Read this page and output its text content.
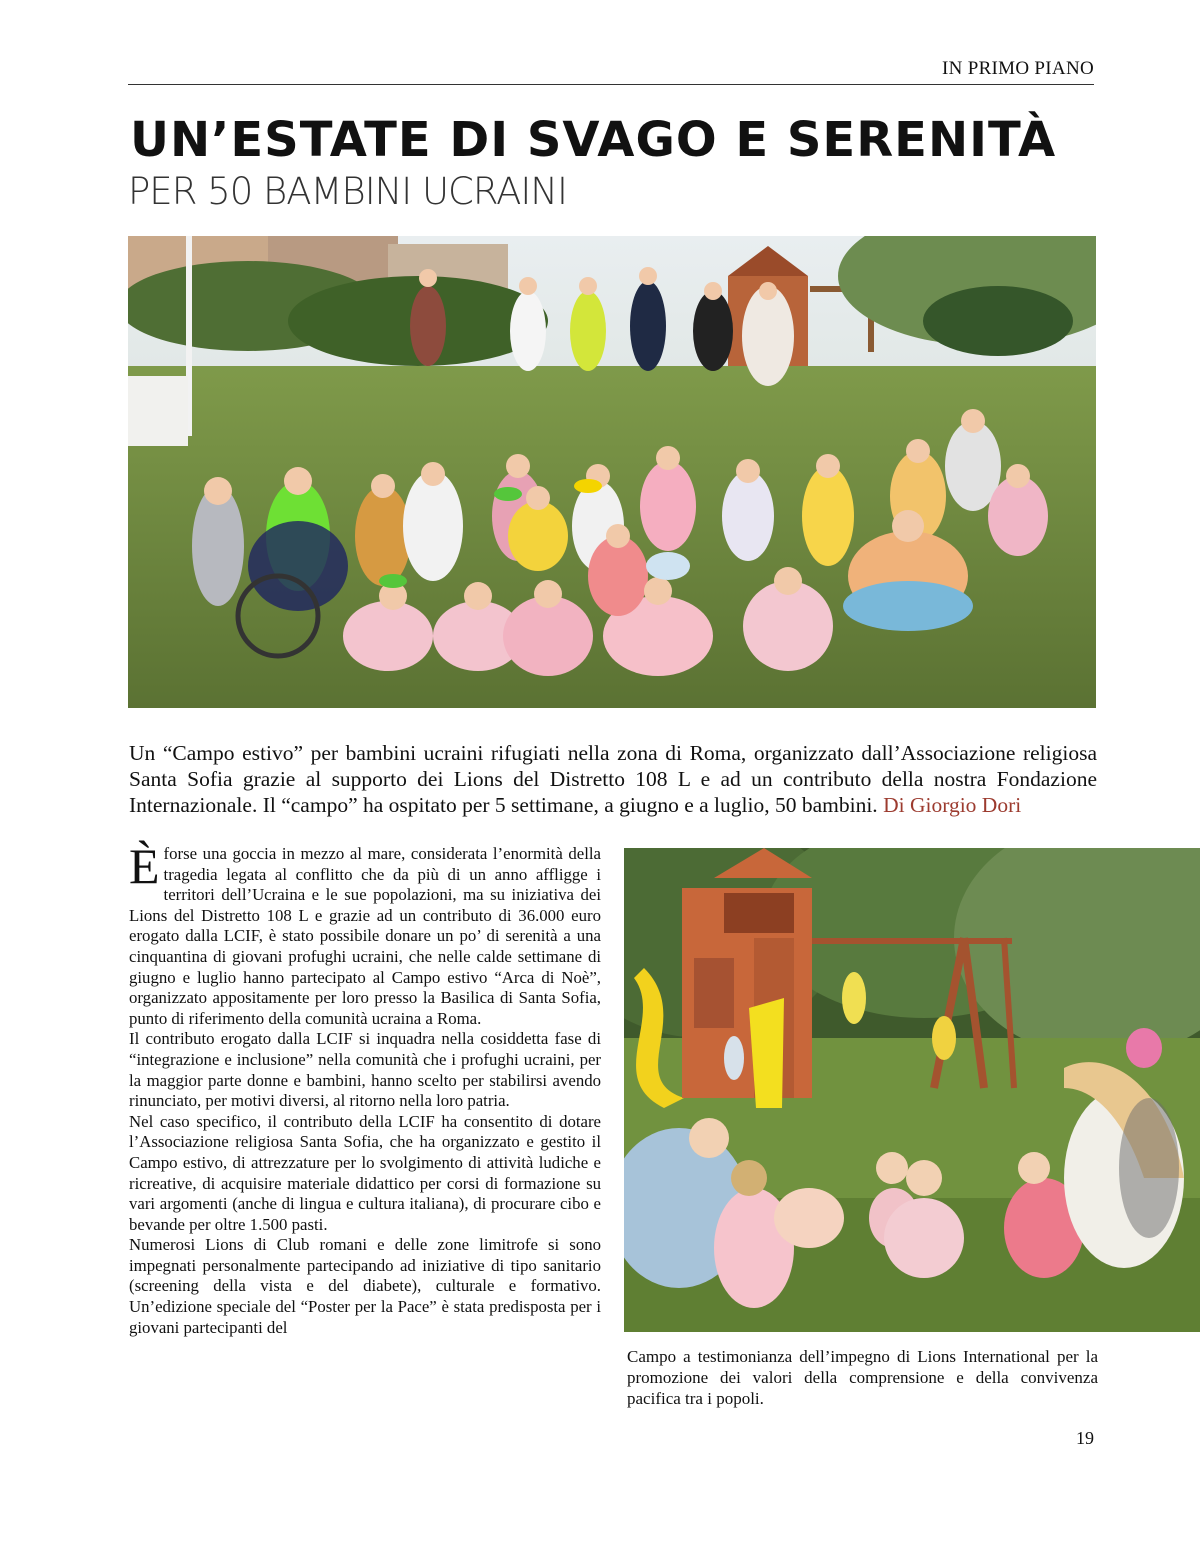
IN PRIMO PIANO
UN’ESTATE DI SVAGO E SERENITÀ
PER 50 BAMBINI UCRAINI

Un “Campo estivo” per bambini ucraini rifugiati nella zona di Roma, organizzato dall’Associazione religiosa Santa Sofia grazie al supporto dei Lions del Distretto 108 L e ad un contributo della nostra Fondazione Internazionale. Il “campo” ha ospitato per 5 settimane, a giugno e a luglio, 50 bambini. Di Giorgio Dori

Èforse una goccia in mezzo al mare, considerata l’enormità della tragedia legata al conflitto che da più di un anno affligge i territori dell’Ucraina e le sue popolazioni, ma su iniziativa dei Lions del Distretto 108 L e grazie ad un contributo di 36.000 euro erogato dalla LCIF, è stato possibile donare un po’ di serenità a una cinquantina di giovani profughi ucraini, che nelle calde settimane di giugno e luglio hanno partecipato al Campo estivo “Arca di Noè”, organizzato appositamente per loro presso la Basilica di Santa Sofia, punto di riferimento della comunità ucraina a Roma.

Il contributo erogato dalla LCIF si inquadra nella cosiddetta fase di “integrazione e inclusione” nella comunità che i profughi ucraini, per la maggior parte donne e bambini, hanno scelto per stabilirsi avendo rinunciato, per motivi diversi, al ritorno nella loro patria.

Nel caso specifico, il contributo della LCIF ha consentito di dotare l’Associazione religiosa Santa Sofia, che ha organizzato e gestito il Campo estivo, di attrezzature per lo svolgimento di attività ludiche e ricreative, di acquisire materiale didattico per corsi di formazione su vari argomenti (anche di lingua e cultura italiana), di procurare cibo e bevande per oltre 1.500 pasti.

Numerosi Lions di Club romani e delle zone limitrofe si sono impegnati personalmente partecipando ad iniziative di tipo sanitario (screening della vista e del diabete), culturale e formativo. Un’edizione speciale del “Poster per la Pace” è stata predisposta per i giovani partecipanti del

Campo a testimonianza dell’impegno di Lions International per la promozione dei valori della comprensione e della convivenza pacifica tra i popoli.

19
